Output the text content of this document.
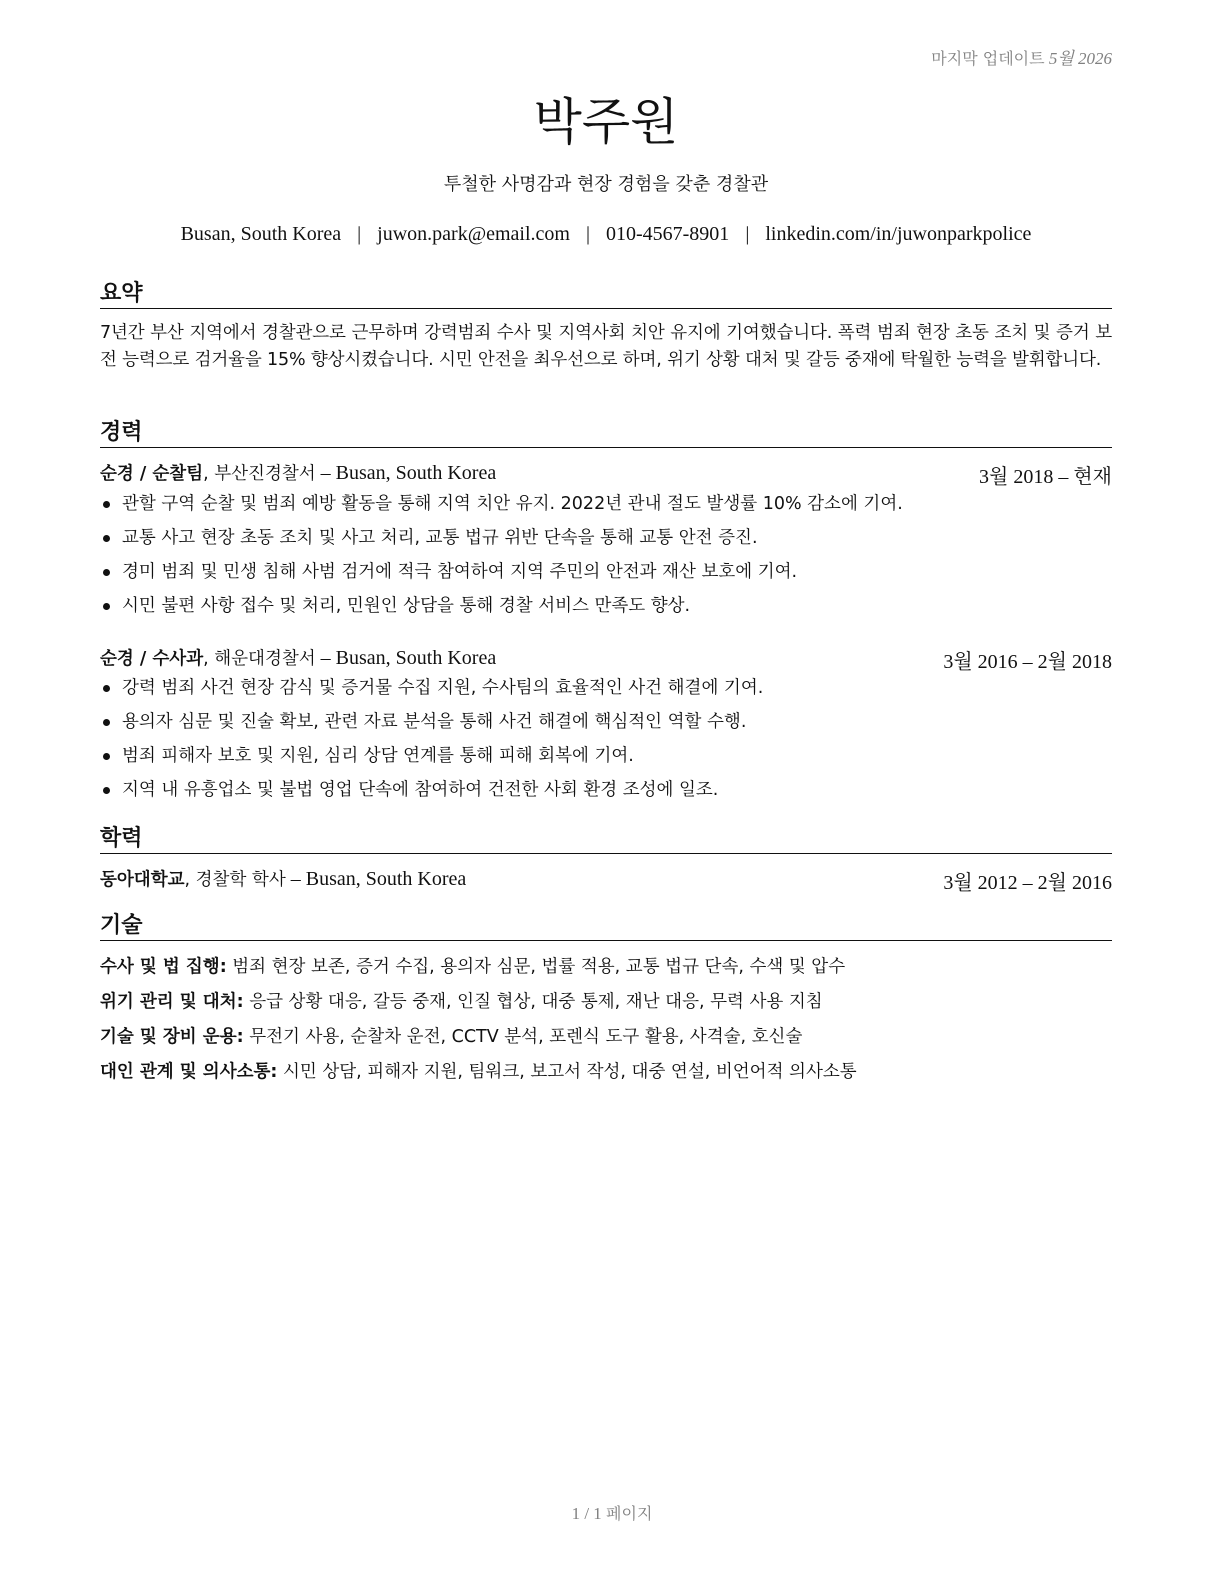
마지막 업데이트 5월 2026
박주원
투철한 사명감과 현장 경험을 갖춘 경찰관
Busan, South Korea | juwon.park@email.com | 010-4567-8901 | linkedin.com/in/juwonparkpolice
요약
7년간 부산 지역에서 경찰관으로 근무하며 강력범죄 수사 및 지역사회 치안 유지에 기여했습니다. 폭력 범죄 현장 초동 조치 및 증거 보전 능력으로 검거율을 15% 향상시켰습니다. 시민 안전을 최우선으로 하며, 위기 상황 대처 및 갈등 중재에 탁월한 능력을 발휘합니다.
경력
순경 / 순찰팀, 부산진경찰서 – Busan, South Korea	3월 2018 – 현재
관할 구역 순찰 및 범죄 예방 활동을 통해 지역 치안 유지. 2022년 관내 절도 발생률 10% 감소에 기여.
교통 사고 현장 초동 조치 및 사고 처리, 교통 법규 위반 단속을 통해 교통 안전 증진.
경미 범죄 및 민생 침해 사범 검거에 적극 참여하여 지역 주민의 안전과 재산 보호에 기여.
시민 불편 사항 접수 및 처리, 민원인 상담을 통해 경찰 서비스 만족도 향상.
순경 / 수사과, 해운대경찰서 – Busan, South Korea	3월 2016 – 2월 2018
강력 범죄 사건 현장 감식 및 증거물 수집 지원, 수사팀의 효율적인 사건 해결에 기여.
용의자 심문 및 진술 확보, 관련 자료 분석을 통해 사건 해결에 핵심적인 역할 수행.
범죄 피해자 보호 및 지원, 심리 상담 연계를 통해 피해 회복에 기여.
지역 내 유흥업소 및 불법 영업 단속에 참여하여 건전한 사회 환경 조성에 일조.
학력
동아대학교, 경찰학 학사 – Busan, South Korea	3월 2012 – 2월 2016
기술
수사 및 법 집행: 범죄 현장 보존, 증거 수집, 용의자 심문, 법률 적용, 교통 법규 단속, 수색 및 압수
위기 관리 및 대처: 응급 상황 대응, 갈등 중재, 인질 협상, 대중 통제, 재난 대응, 무력 사용 지침
기술 및 장비 운용: 무전기 사용, 순찰차 운전, CCTV 분석, 포렌식 도구 활용, 사격술, 호신술
대인 관계 및 의사소통: 시민 상담, 피해자 지원, 팀워크, 보고서 작성, 대중 연설, 비언어적 의사소통
1 / 1 페이지
